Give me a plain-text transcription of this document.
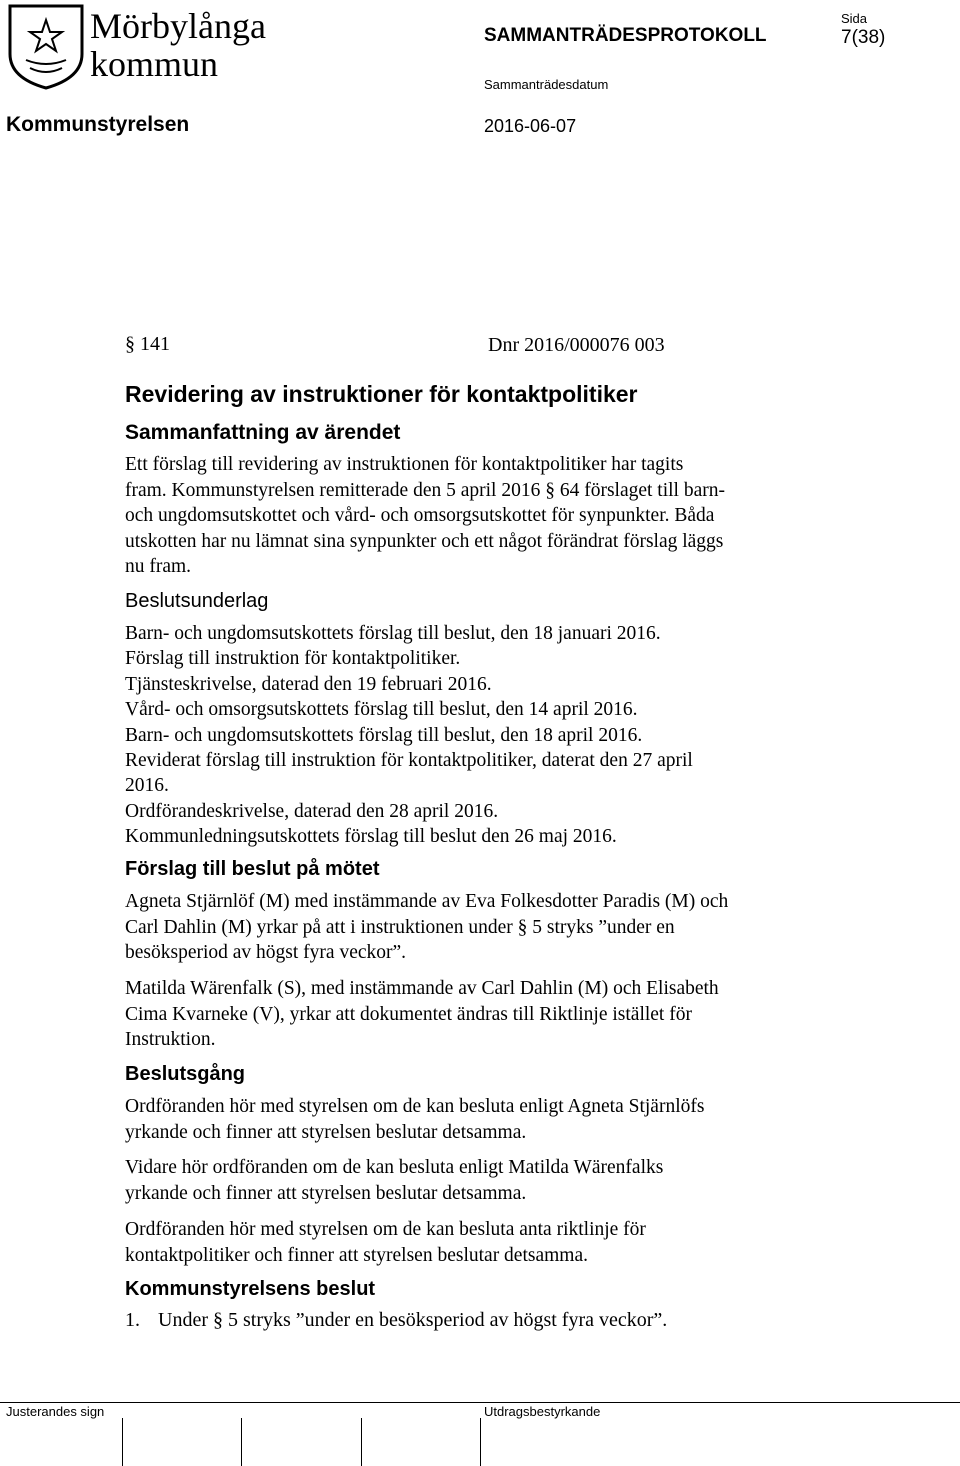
Mörbylånga
kommun
SAMMANTRÄDESPROTOKOLL
Sida
7(38)
Sammanträdesdatum
Kommunstyrelsen	2016-06-07
§ 141	Dnr 2016/000076 003
Revidering av instruktioner för kontaktpolitiker
Sammanfattning av ärendet
Ett förslag till revidering av instruktionen för kontaktpolitiker har tagits
fram. Kommunstyrelsen remitterade den 5 april 2016 § 64 förslaget till barn-
och ungdomsutskottet och vård- och omsorgsutskottet för synpunkter. Båda
utskotten har nu lämnat sina synpunkter och ett något förändrat förslag läggs
nu fram.
Beslutsunderlag
Barn- och ungdomsutskottets förslag till beslut, den 18 januari 2016.
Förslag till instruktion för kontaktpolitiker.
Tjänsteskrivelse, daterad den 19 februari 2016.
Vård- och omsorgsutskottets förslag till beslut, den 14 april 2016.
Barn- och ungdomsutskottets förslag till beslut, den 18 april 2016.
Reviderat förslag till instruktion för kontaktpolitiker, daterat den 27 april
2016.
Ordförandeskrivelse, daterad den 28 april 2016.
Kommunledningsutskottets förslag till beslut den 26 maj 2016.
Förslag till beslut på mötet
Agneta Stjärnlöf (M) med instämmande av Eva Folkesdotter Paradis (M) och
Carl Dahlin (M) yrkar på att i instruktionen under § 5 stryks ”under en
besöksperiod av högst fyra veckor”.
Matilda Wärenfalk (S), med instämmande av Carl Dahlin (M) och Elisabeth
Cima Kvarneke (V), yrkar att dokumentet ändras till Riktlinje istället för
Instruktion.
Beslutsgång
Ordföranden hör med styrelsen om de kan besluta enligt Agneta Stjärnlöfs
yrkande och finner att styrelsen beslutar detsamma.
Vidare hör ordföranden om de kan besluta enligt Matilda Wärenfalks
yrkande och finner att styrelsen beslutar detsamma.
Ordföranden hör med styrelsen om de kan besluta anta riktlinje för
kontaktpolitiker och finner att styrelsen beslutar detsamma.
Kommunstyrelsens beslut
1. Under § 5 stryks ”under en besöksperiod av högst fyra veckor”.
Justerandes sign	Utdragsbestyrkande
